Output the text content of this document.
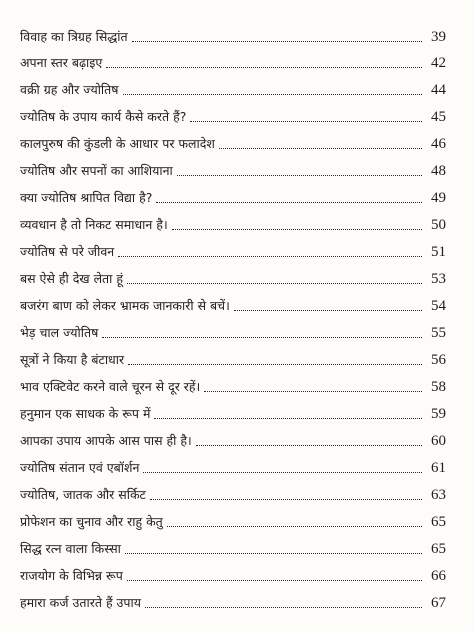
विवाह का त्रिग्रह सिद्धांत	39
अपना स्तर बढ़ाइए	42
वक्री ग्रह और ज्योतिष	44
ज्योतिष के उपाय कार्य कैसे करते हैं?	45
कालपुरुष की कुंडली के आधार पर फलादेश	46
ज्योतिष और सपनों का आशियाना	48
क्या ज्योतिष श्रापित विद्या है?	49
व्यवधान है तो निकट समाधान है।	50
ज्योतिष से परे जीवन	51
बस ऐसे ही देख लेता हूं	53
बजरंग बाण को लेकर भ्रामक जानकारी से बचें।	54
भेड़ चाल ज्योतिष	55
सूत्रों ने किया है बंटाधार	56
भाव एक्टिवेट करने वाले चूरन से दूर रहें।	58
हनुमान एक साधक के रूप में	59
आपका उपाय आपके आस पास ही है।	60
ज्योतिष संतान एवं एबॉर्शन	61
ज्योतिष, जातक और सर्किट	63
प्रोफेशन का चुनाव और राहु केतु	65
सिद्ध रत्न वाला किस्सा	65
राजयोग के विभिन्न रूप	66
हमारा कर्ज उतारते हैं उपाय	67
